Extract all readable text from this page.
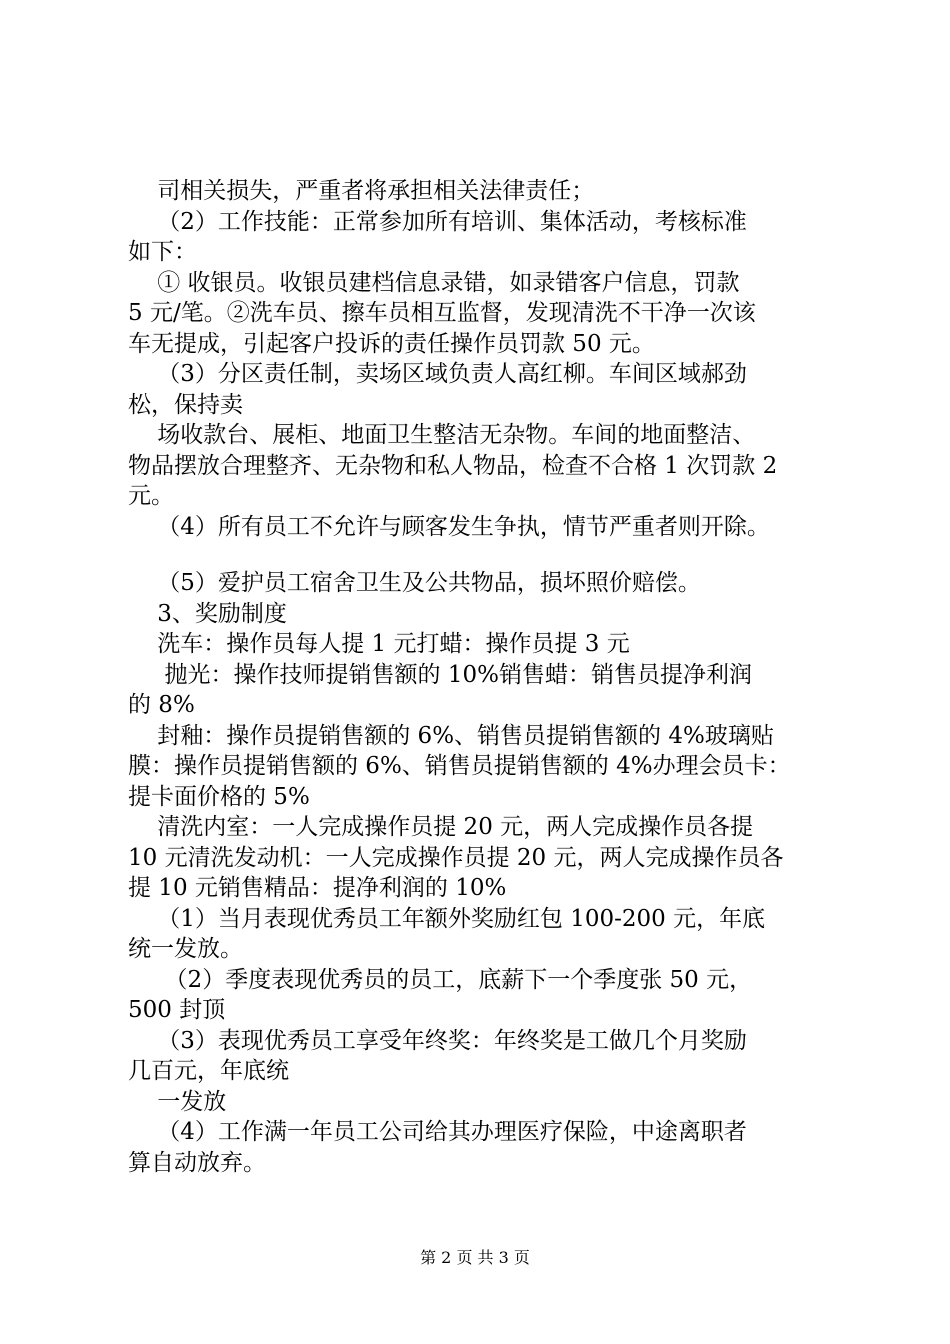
司相关损失，严重者将承担相关法律责任；
（2）工作技能：正常参加所有培训、集体活动，考核标准
如下：
① 收银员。收银员建档信息录错，如录错客户信息，罚款
5 元/笔。②洗车员、擦车员相互监督，发现清洗不干净一次该
车无提成，引起客户投诉的责任操作员罚款 50 元。
（3）分区责任制，卖场区域负责人高红柳。车间区域郝劲
松，保持卖
场收款台、展柜、地面卫生整洁无杂物。车间的地面整洁、
物品摆放合理整齐、无杂物和私人物品，检查不合格 1 次罚款 2
元。
（4）所有员工不允许与顾客发生争执，情节严重者则开除。
（5）爱护员工宿舍卫生及公共物品，损坏照价赔偿。
3、奖励制度
洗车：操作员每人提 1 元打蜡：操作员提 3 元
抛光：操作技师提销售额的 10%销售蜡：销售员提净利润
的 8%
封釉：操作员提销售额的 6%、销售员提销售额的 4%玻璃贴
膜：操作员提销售额的 6%、销售员提销售额的 4%办理会员卡：
提卡面价格的 5%
清洗内室：一人完成操作员提 20 元，两人完成操作员各提
10 元清洗发动机：一人完成操作员提 20 元，两人完成操作员各
提 10 元销售精品：提净利润的 10%
（1）当月表现优秀员工年额外奖励红包 100-200 元，年底
统一发放。
（2）季度表现优秀员的员工，底薪下一个季度张 50 元，
500 封顶
（3）表现优秀员工享受年终奖：年终奖是工做几个月奖励
几百元，年底统
一发放
（4）工作满一年员工公司给其办理医疗保险，中途离职者
算自动放弃。
第 2 页 共 3 页
